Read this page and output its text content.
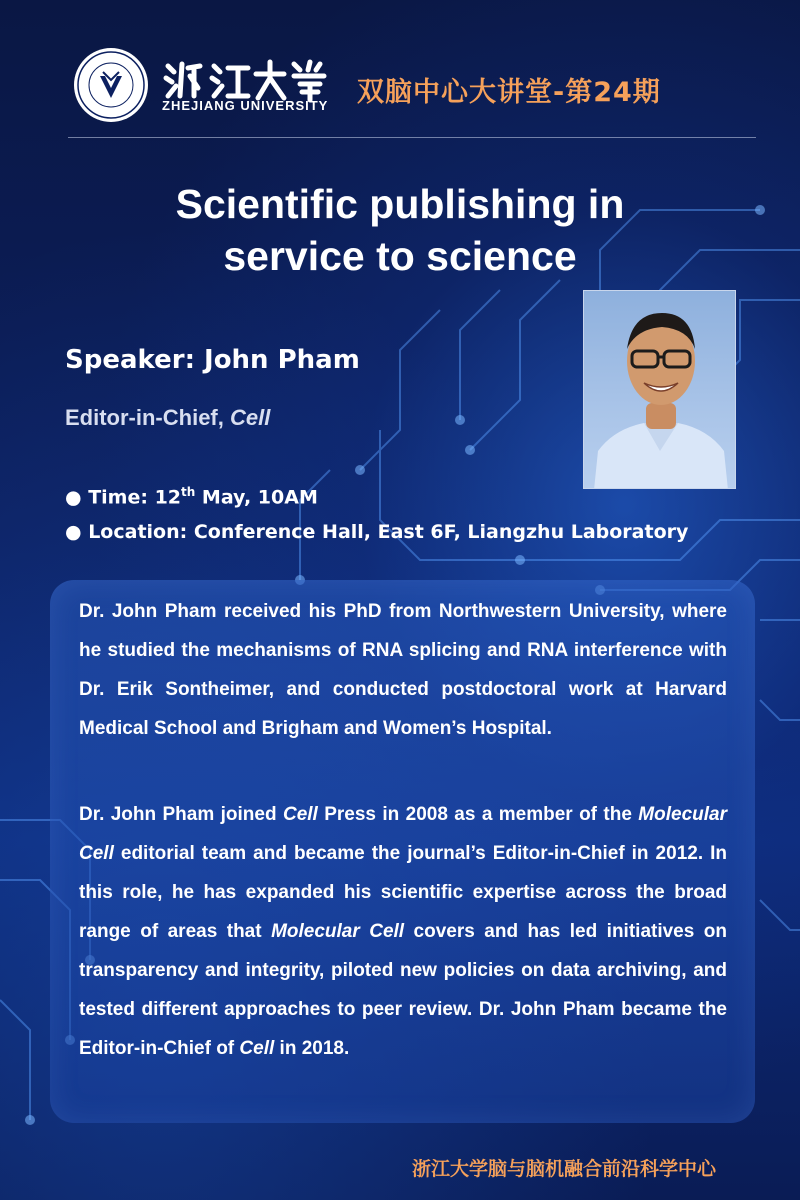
ZHEJIANG UNIVERSITY 双脑中心大讲堂-第24期
Scientific publishing in
service to science
Speaker: John Pham
Editor-in-Chief, Cell
● Time: 12th May, 10AM
● Location: Conference Hall, East 6F, Liangzhu Laboratory

Dr. John Pham received his PhD from Northwestern University, where he studied the mechanisms of RNA splicing and RNA interference with Dr. Erik Sontheimer, and conducted postdoctoral work at Harvard Medical School and Brigham and Women’s Hospital.

Dr. John Pham joined Cell Press in 2008 as a member of the Molecular Cell editorial team and became the journal’s Editor-in-Chief in 2012. In this role, he has expanded his scientific expertise across the broad range of areas that Molecular Cell covers and has led initiatives on transparency and integrity, piloted new policies on data archiving, and tested different approaches to peer review. Dr. John Pham became the Editor-in-Chief of Cell in 2018.

浙江大学脑与脑机融合前沿科学中心
